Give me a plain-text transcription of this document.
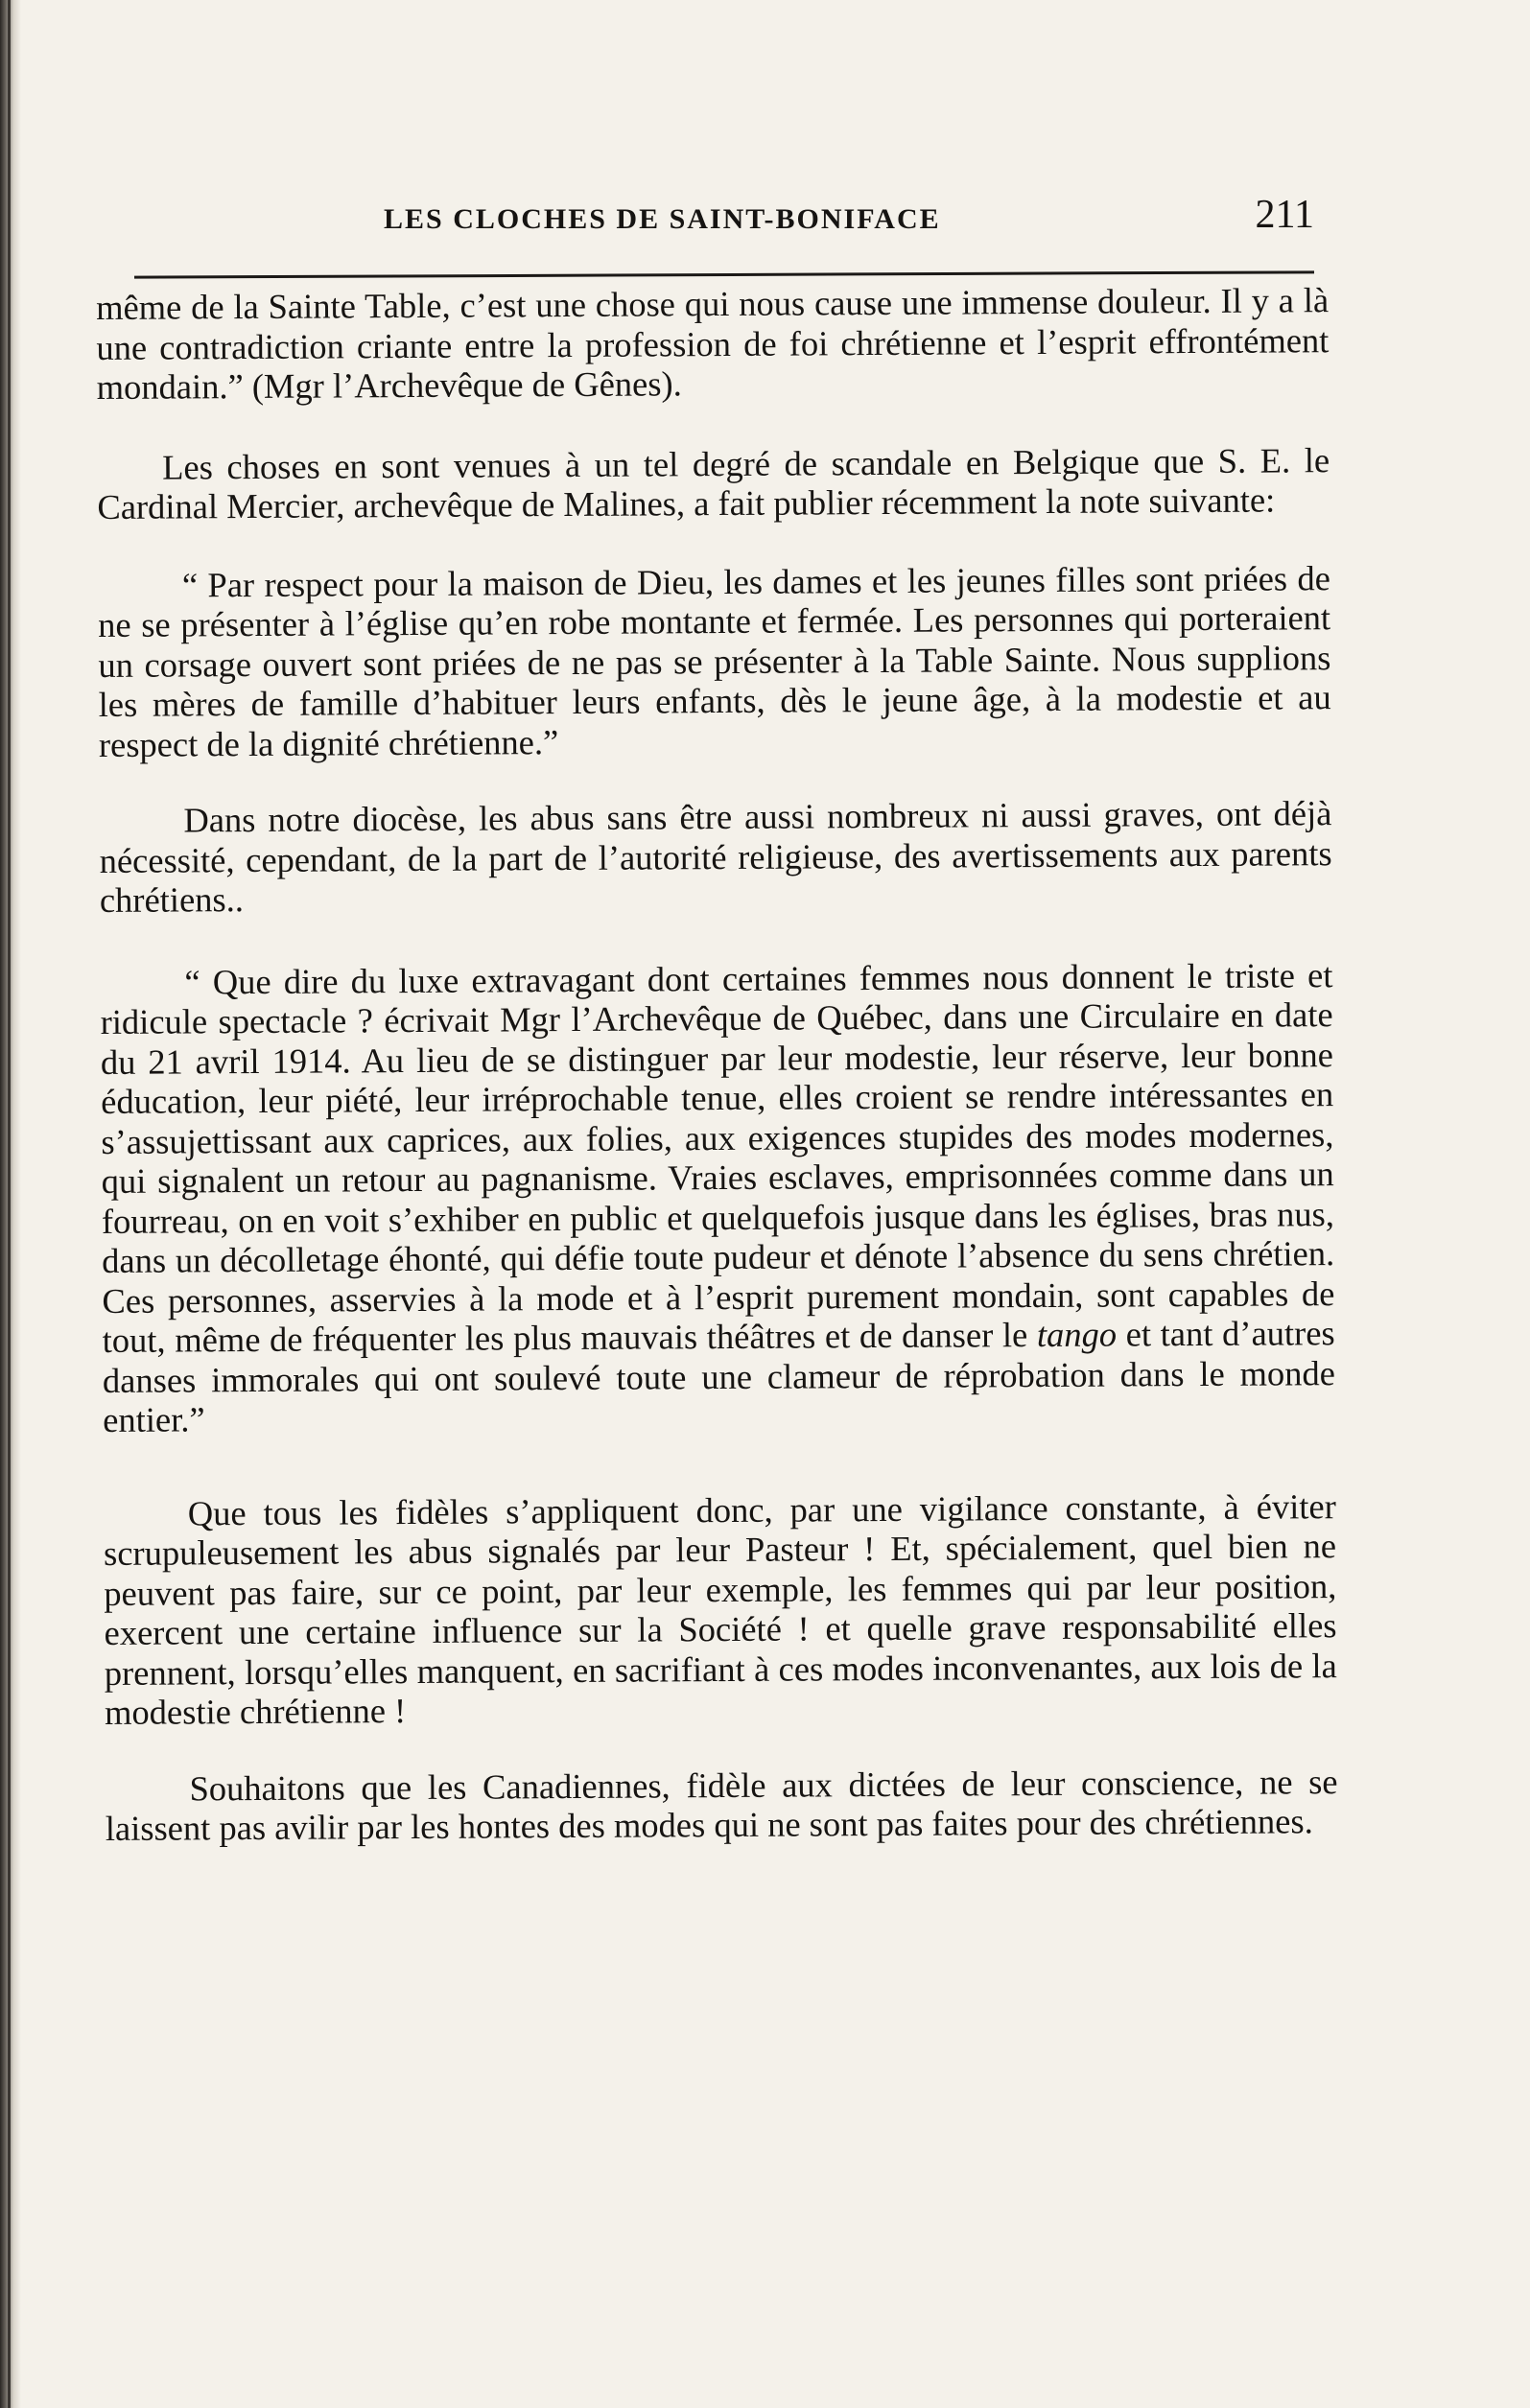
LES CLOCHES DE SAINT-BONIFACE	211

même de la Sainte Table, c’est une chose qui nous cause une immense douleur. Il y a là une contradiction criante entre la profession de foi chrétienne et l’esprit effrontément mondain.” (Mgr l’Archevêque de Gênes).

Les choses en sont venues à un tel degré de scandale en Belgique que S. E. le Cardinal Mercier, archevêque de Malines, a fait publier récemment la note suivante:

“ Par respect pour la maison de Dieu, les dames et les jeunes filles sont priées de ne se présenter à l’église qu’en robe montante et fermée. Les personnes qui porteraient un corsage ouvert sont priées de ne pas se présenter à la Table Sainte. Nous supplions les mères de famille d’habituer leurs enfants, dès le jeune âge, à la modestie et au respect de la dignité chrétienne.”

Dans notre diocèse, les abus sans être aussi nombreux ni aussi graves, ont déjà nécessité, cependant, de la part de l’autorité religieuse, des avertissements aux parents chrétiens..

“ Que dire du luxe extravagant dont certaines femmes nous donnent le triste et ridicule spectacle ? écrivait Mgr l’Archevêque de Québec, dans une Circulaire en date du 21 avril 1914. Au lieu de se distinguer par leur modestie, leur réserve, leur bonne éducation, leur piété, leur irréprochable tenue, elles croient se rendre intéressantes en s’assujettissant aux caprices, aux folies, aux exigences stupides des modes modernes, qui signalent un retour au pagnanisme. Vraies esclaves, emprisonnées comme dans un fourreau, on en voit s’exhiber en public et quelquefois jusque dans les églises, bras nus, dans un décolletage éhonté, qui défie toute pudeur et dénote l’absence du sens chrétien. Ces personnes, asservies à la mode et à l’esprit purement mondain, sont capables de tout, même de fréquenter les plus mauvais théâtres et de danser le tango et tant d’autres danses immorales qui ont soulevé toute une clameur de réprobation dans le monde entier.”

Que tous les fidèles s’appliquent donc, par une vigilance constante, à éviter scrupuleusement les abus signalés par leur Pasteur ! Et, spécialement, quel bien ne peuvent pas faire, sur ce point, par leur exemple, les femmes qui par leur position, exercent une certaine influence sur la Société ! et quelle grave responsabilité elles prennent, lorsqu’elles manquent, en sacrifiant à ces modes inconvenantes, aux lois de la modestie chrétienne !

Souhaitons que les Canadiennes, fidèle aux dictées de leur conscience, ne se laissent pas avilir par les hontes des modes qui ne sont pas faites pour des chrétiennes.
